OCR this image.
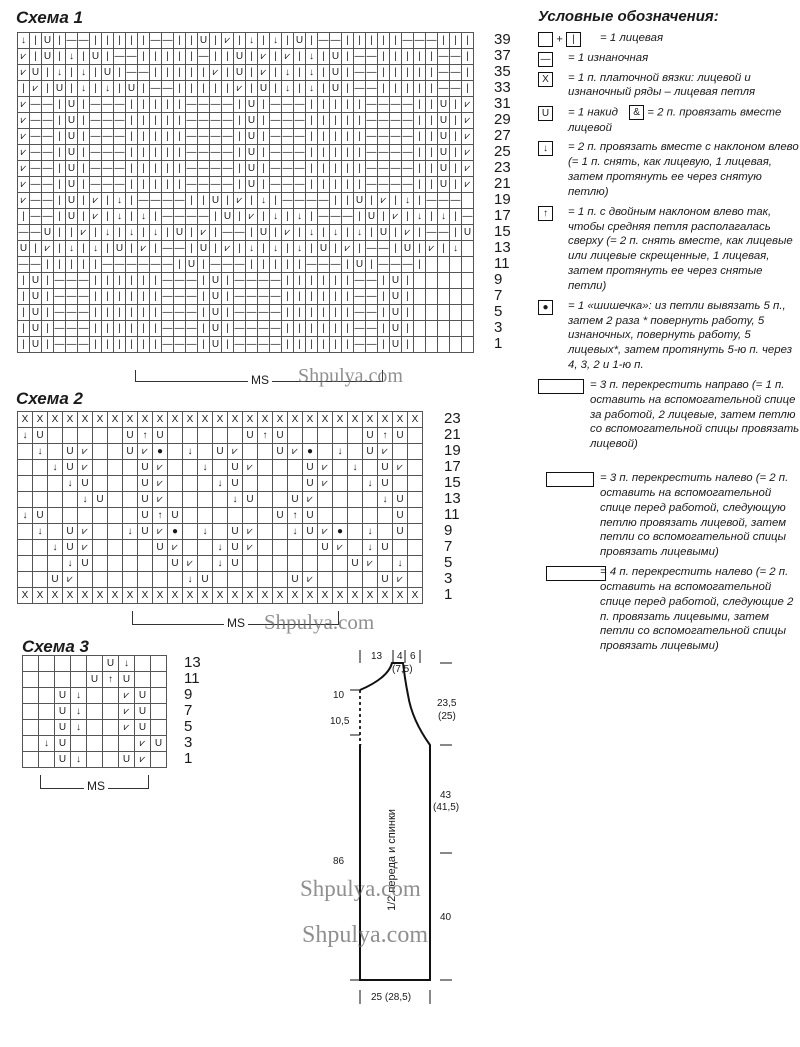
Схема 1
↓	|	U	|	—	—	|	|	|	|	|	—	—	|	|	U	|	⩗	|	↓	|	↓	|	U	|	—	—	|	|	|	|	|	—	—	—	|	|	|
⩗	|	U	|	↓	|	U	|	—	—	|	|	|	|	|	—	|	|	U	|	⩗	|	⩗	|	↓	|	U	|	—	—	|	|	|	|	|	—	—	|
⩗	U	|	↓	|	↓	|	U	|	—	—	|	|	|	|	|	⩗	|	U	|	⩗	|	↓	|	↓	|	U	|	—	—	|	|	|	|	|	—	—	|
|	⩗	|	U	|	↓	|	↓	|	U	|	—	—	|	|	|	|	|	⩗	|	U	|	↓	|	↓	|	U	|	—	—	|	|	|	|	|	—	—	|
⩗	—	—	|	U	|	—	—	—	|	|	|	|	|	—	—	—	—	|	U	|	—	—	—	|	|	|	|	|	—	—	—	—	|	|	U	|	⩗
⩗	—	—	|	U	|	—	—	—	|	|	|	|	|	—	—	—	—	|	U	|	—	—	—	|	|	|	|	|	—	—	—	—	|	|	U	|	⩗
⩗	—	—	|	U	|	—	—	—	|	|	|	|	|	—	—	—	—	|	U	|	—	—	—	|	|	|	|	|	—	—	—	—	|	|	U	|	⩗
⩗	—	—	|	U	|	—	—	—	|	|	|	|	|	—	—	—	—	|	U	|	—	—	—	|	|	|	|	|	—	—	—	—	|	|	U	|	⩗
⩗	—	—	|	U	|	—	—	—	|	|	|	|	|	—	—	—	—	|	U	|	—	—	—	|	|	|	|	|	—	—	—	—	|	|	U	|	⩗
⩗	—	—	|	U	|	—	—	—	|	|	|	|	|	—	—	—	—	|	U	|	—	—	—	|	|	|	|	|	—	—	—	—	|	|	U	|	⩗
⩗	—	—	|	U	|	⩗	|	↓	|	—	—	—	—	|	|	U	|	⩗	|	↓	|	—	—	—	—	|	|	U	|	⩗	|	↓	|	—	—	—	
|	—	—	|	U	|	⩗	|	↓	|	↓	|	—	—	—	—	|	U	|	⩗	|	↓	|	↓	|	—	—	—	|	U	|	⩗	|	↓	|	↓	|	—
—	—	U	|	|	⩗	|	↓	|	↓	|	↓	|	U	|	⩗	|	—	—	|	U	|	⩗	|	↓	|	↓	|	↓	|	U	|	⩗	|	—	—	|	U
U	|	⩗	|	↓	|	↓	|	U	|	⩗	|	—	—	|	U	|	⩗	|	↓	|	↓	|	↓	|	U	|	⩗	|	—	—	|	U	|	⩗	|	↓	
—	—	|	|	|	|	|	—	—	—	—	—	—	|	U	|	—	—	—	|	|	|	|	|	—	—	—	|	U	|	—	—	—	|				
|	U	|	—	—	—	|	|	|	|	|	|	—	—	—	|	U	|	—	—	—	—	|	|	|	|	|	|	—	—	|	U	|					
|	U	|	—	—	—	|	|	|	|	|	|	—	—	—	|	U	|	—	—	—	—	|	|	|	|	|	|	—	—	|	U	|					
|	U	|	—	—	—	|	|	|	|	|	|	—	—	—	|	U	|	—	—	—	—	|	|	|	|	|	|	—	—	|	U	|					
|	U	|	—	—	—	|	|	|	|	|	|	—	—	—	|	U	|	—	—	—	—	|	|	|	|	|	|	—	—	|	U	|					
|	U	|	—	—	—	|	|	|	|	|	|	—	—	—	|	U	|	—	—	—	—	|	|	|	|	|	|	—	—	|	U	|					
39
37
35
33
31
29
27
25
23
21
19
17
15
13
11
9
7
5
3
1
MS
Схема 2
X	X	X	X	X	X	X	X	X	X	X	X	X	X	X	X	X	X	X	X	X	X	X	X	X	X	X
↓	U						U	↑	U						U	↑	U						U	↑	U	
	↓		U	⩗			U	⩗	●		↓		U	⩗			U	⩗	●		↓		U	⩗		
		↓	U	⩗				U	⩗			↓		U	⩗				U	⩗		↓		U	⩗	
			↓	U				U	⩗				↓	U					U	⩗			↓	U		
				↓	U			U	⩗					↓	U			U	⩗					↓	U	
↓	U							U	↑	U							U	↑	U						U	
	↓		U	⩗			↓	U	⩗	●		↓		U	⩗			↓	U	⩗	●		↓		U	
		↓	U	⩗					U	⩗			↓	U	⩗					U	⩗		↓	U		
			↓	U						U	⩗		↓	U								U	⩗		↓	
		U	⩗								↓	U						U	⩗					U	⩗	
X	X	X	X	X	X	X	X	X	X	X	X	X	X	X	X	X	X	X	X	X	X	X	X	X	X	X
23
21
19
17
15
13
11
9
7
5
3
1
MS
Схема 3
					U	↓		
				U	↑	U		
		U	↓			⩗	U	
		U	↓			⩗	U	
		U	↓			⩗	U	
	↓	U					⩗	U
		U	↓			U	⩗	
13
11
9
7
5
3
1
MS
Условные обозначения:
+ |	= 1 лицевая
— = 1 изнаночная
X	= 1 п. платочной вязки: лицевой и изнаночный ряды – лицевая петля
U	= 1 накид & = 2 п. провязать вместе лицевой
↓	= 2 п. провязать вместе с наклоном влево (= 1 п. снять, как лицевую, 1 лицевая, затем протянуть ее через снятую петлю)
↑	= 1 п. с двойным наклоном влево так, чтобы средняя петля располагалась сверху (= 2 п. снять вместе, как лицевые или лицевые скрещенные, 1 лицевая, затем протянуть ее через снятые петли)
●	= 1 «шишечка»: из петли вывязать 5 п., затем 2 раза * повернуть работу, 5 изнаночных, повернуть работу, 5 лицевых*, затем протянуть 5-ю п. через 4, 3, 2 и 1-ю п.
= 3 п. перекрестить направо (= 1 п. оставить на вспомогательной спице за работой, 2 лицевые, затем петлю со вспомогательной спицы провязать лицевой)
= 3 п. перекрестить налево (= 2 п. оставить на вспомогательной спице перед работой, следующую петлю провязать лицевой, затем петли со вспомогательной спицы провязать лицевыми)
= 4 п. перекрестить налево (= 2 п. оставить на вспомогательной спице перед работой, следующие 2 п. провязать лицевыми, затем петли со вспомогательной спицы провязать лицевыми)
13 4 6
(7,5)
10
10,5
23,5
(25)
43
(41,5)
86
40
1/2 переда и спинки
25 (28,5)
Shpulya.com
Shpulya.com
Shpulya.com
Shpulya.com
